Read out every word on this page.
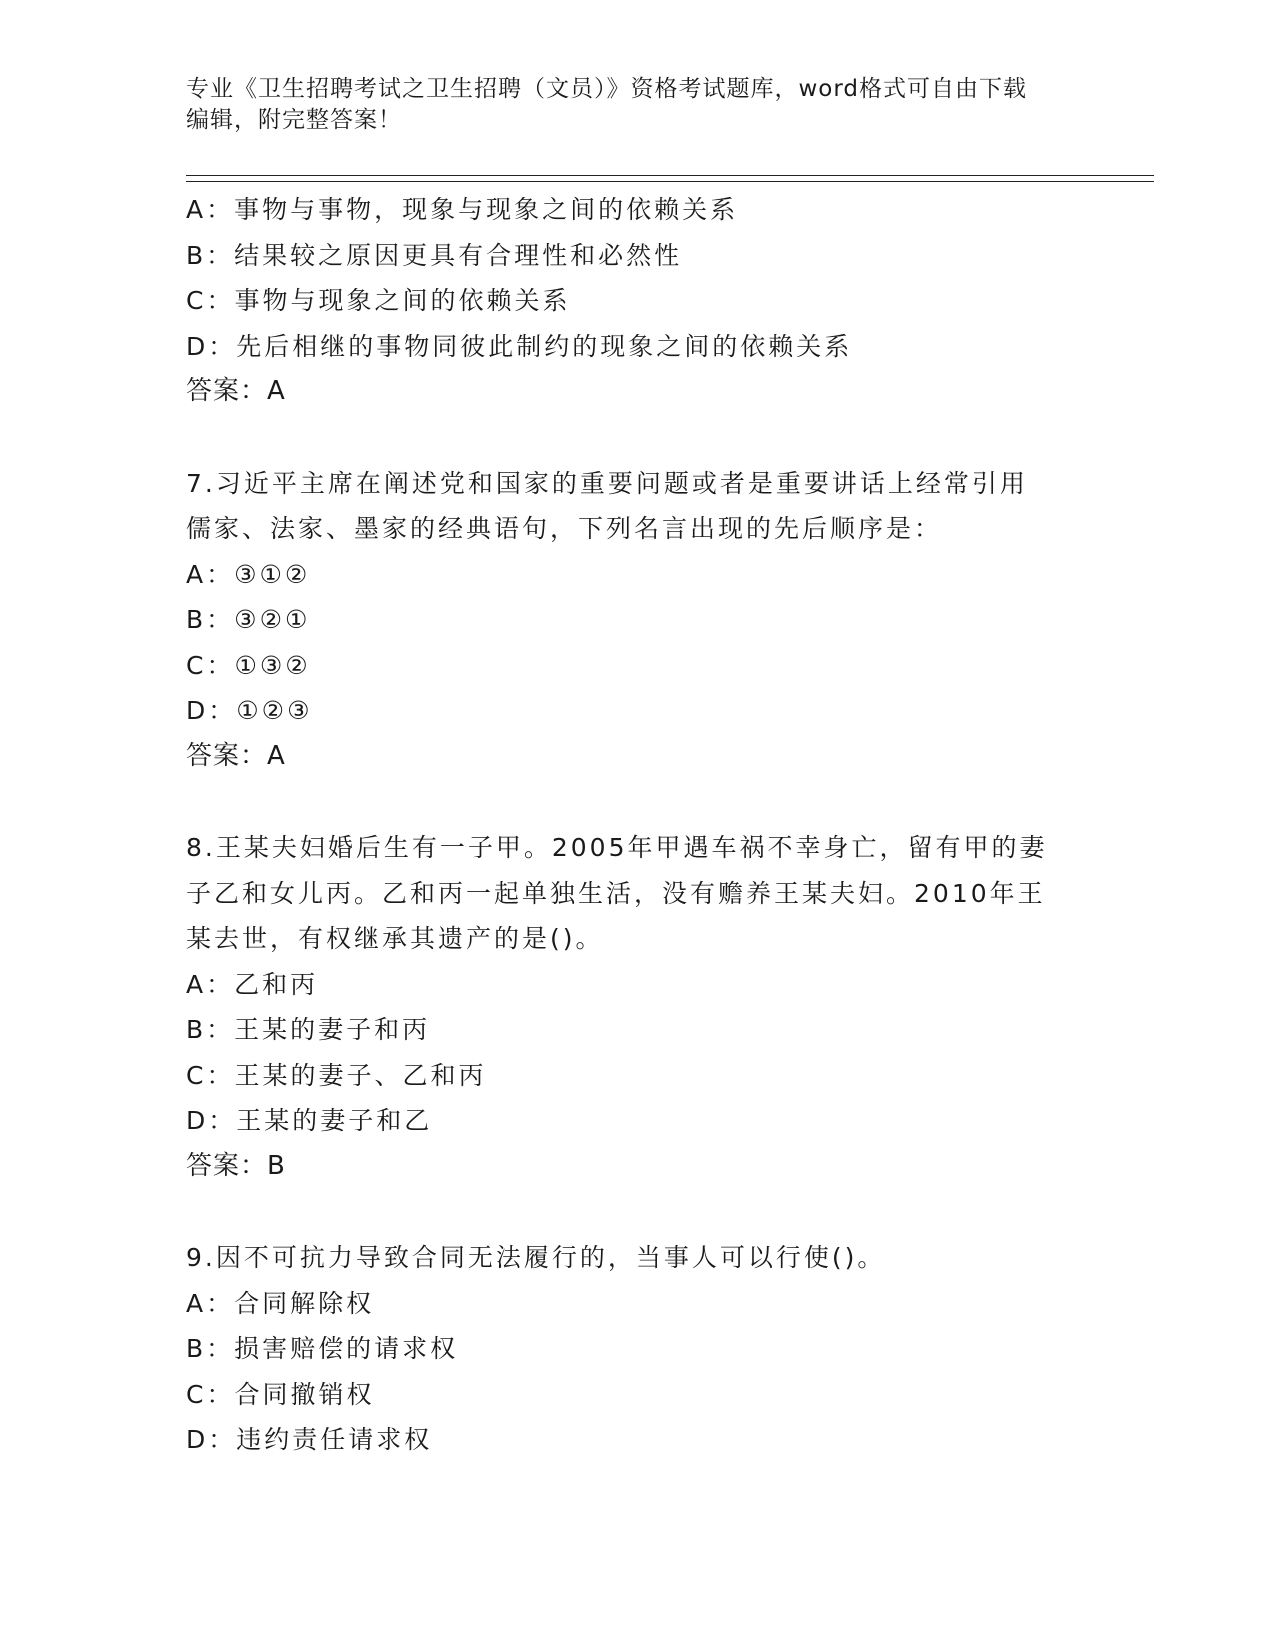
专业《卫生招聘考试之卫生招聘（文员）》资格考试题库，word格式可自由下载
编辑，附完整答案！
A：事物与事物，现象与现象之间的依赖关系
B：结果较之原因更具有合理性和必然性
C：事物与现象之间的依赖关系
D：先后相继的事物同彼此制约的现象之间的依赖关系
答案：A
7.习近平主席在阐述党和国家的重要问题或者是重要讲话上经常引用
儒家、法家、墨家的经典语句，下列名言出现的先后顺序是：
A：③①②
B：③②①
C：①③②
D：①②③
答案：A
8.王某夫妇婚后生有一子甲。2005年甲遇车祸不幸身亡，留有甲的妻
子乙和女儿丙。乙和丙一起单独生活，没有赡养王某夫妇。2010年王
某去世，有权继承其遗产的是()。
A：乙和丙
B：王某的妻子和丙
C：王某的妻子、乙和丙
D：王某的妻子和乙
答案：B
9.因不可抗力导致合同无法履行的，当事人可以行使()。
A：合同解除权
B：损害赔偿的请求权
C：合同撤销权
D：违约责任请求权
